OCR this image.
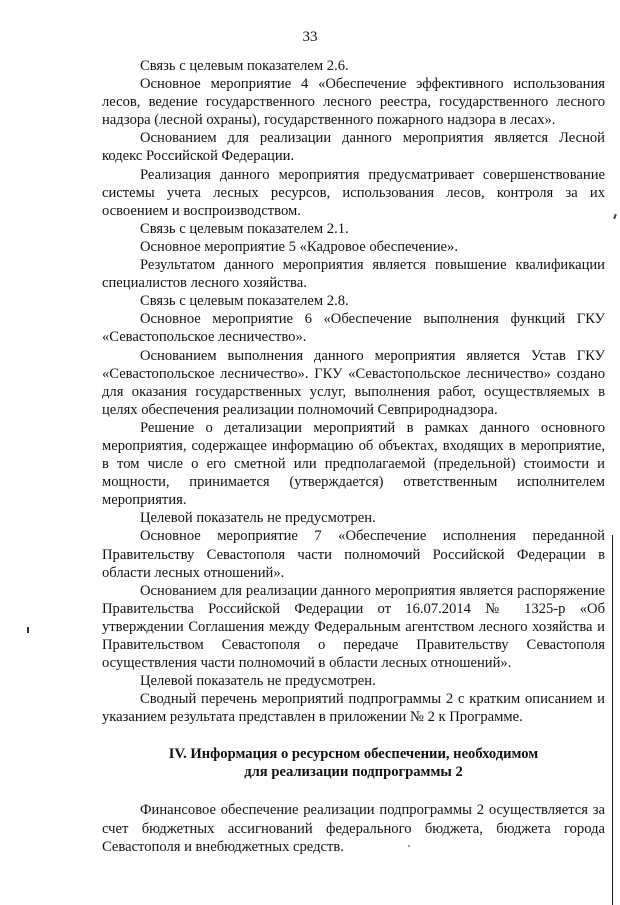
33

Связь с целевым показателем 2.6.

Основное мероприятие 4 «Обеспечение эффективного использования лесов, ведение государственного лесного реестра, государственного лесного надзора (лесной охраны), государственного пожарного надзора в лесах».

Основанием для реализации данного мероприятия является Лесной кодекс Российской Федерации.

Реализация данного мероприятия предусматривает совершенствование системы учета лесных ресурсов, использования лесов, контроля за их освоением и воспроизводством.

Связь с целевым показателем 2.1.

Основное мероприятие 5 «Кадровое обеспечение».

Результатом данного мероприятия является повышение квалификации специалистов лесного хозяйства.

Связь с целевым показателем 2.8.

Основное мероприятие 6 «Обеспечение выполнения функций ГКУ «Севастопольское лесничество».

Основанием выполнения данного мероприятия является Устав ГКУ «Севастопольское лесничество». ГКУ «Севастопольское лесничество» создано для оказания государственных услуг, выполнения работ, осуществляемых в целях обеспечения реализации полномочий Севприроднадзора.

Решение о детализации мероприятий в рамках данного основного мероприятия, содержащее информацию об объектах, входящих в мероприятие, в том числе о его сметной или предполагаемой (предельной) стоимости и мощности, принимается (утверждается) ответственным исполнителем мероприятия.

Целевой показатель не предусмотрен.

Основное мероприятие 7 «Обеспечение исполнения переданной Правительству Севастополя части полномочий Российской Федерации в области лесных отношений».

Основанием для реализации данного мероприятия является распоряжение Правительства Российской Федерации от 16.07.2014 № 1325-р «Об утверждении Соглашения между Федеральным агентством лесного хозяйства и Правительством Севастополя о передаче Правительству Севастополя осуществления части полномочий в области лесных отношений».

Целевой показатель не предусмотрен.

Сводный перечень мероприятий подпрограммы 2 с кратким описанием и указанием результата представлен в приложении № 2 к Программе.

IV. Информация о ресурсном обеспечении, необходимом
для реализации подпрограммы 2

Финансовое обеспечение реализации подпрограммы 2 осуществляется за счет бюджетных ассигнований федерального бюджета, бюджета города Севастополя и внебюджетных средств.
